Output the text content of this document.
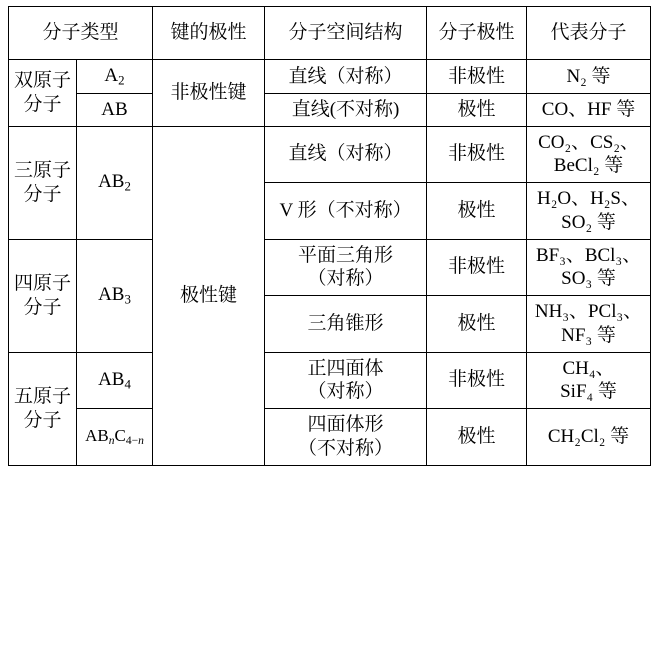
分子类型		键的极性	分子空间结构	分子极性	代表分子
双原子分子	$A_2$	非极性键	直线（对称）	非极性	N₂ 等
	AB		直线(不对称)	极性	CO、HF 等
三原子分子	$AB_2$	极性键	直线（对称）	非极性	CO₂、CS₂、
BeCl₂ 等

			V 形（不对称）	极性	H₂O、H₂S、
SO₂ 等

四原子分子	$AB_3$		平面三角形
（对称）	非极性	BF₃、BCl₃、
SO₃ 等

			三角锥形	极性	NH₃、PCl₃、
NF₃ 等

五原子分子	$AB_4$		正四面体
（对称）	非极性	CH₄、
SiF₄ 等

	$AB_nC_{4-n}$		四面体形
（不对称）	极性	CH₂Cl₂ 等
